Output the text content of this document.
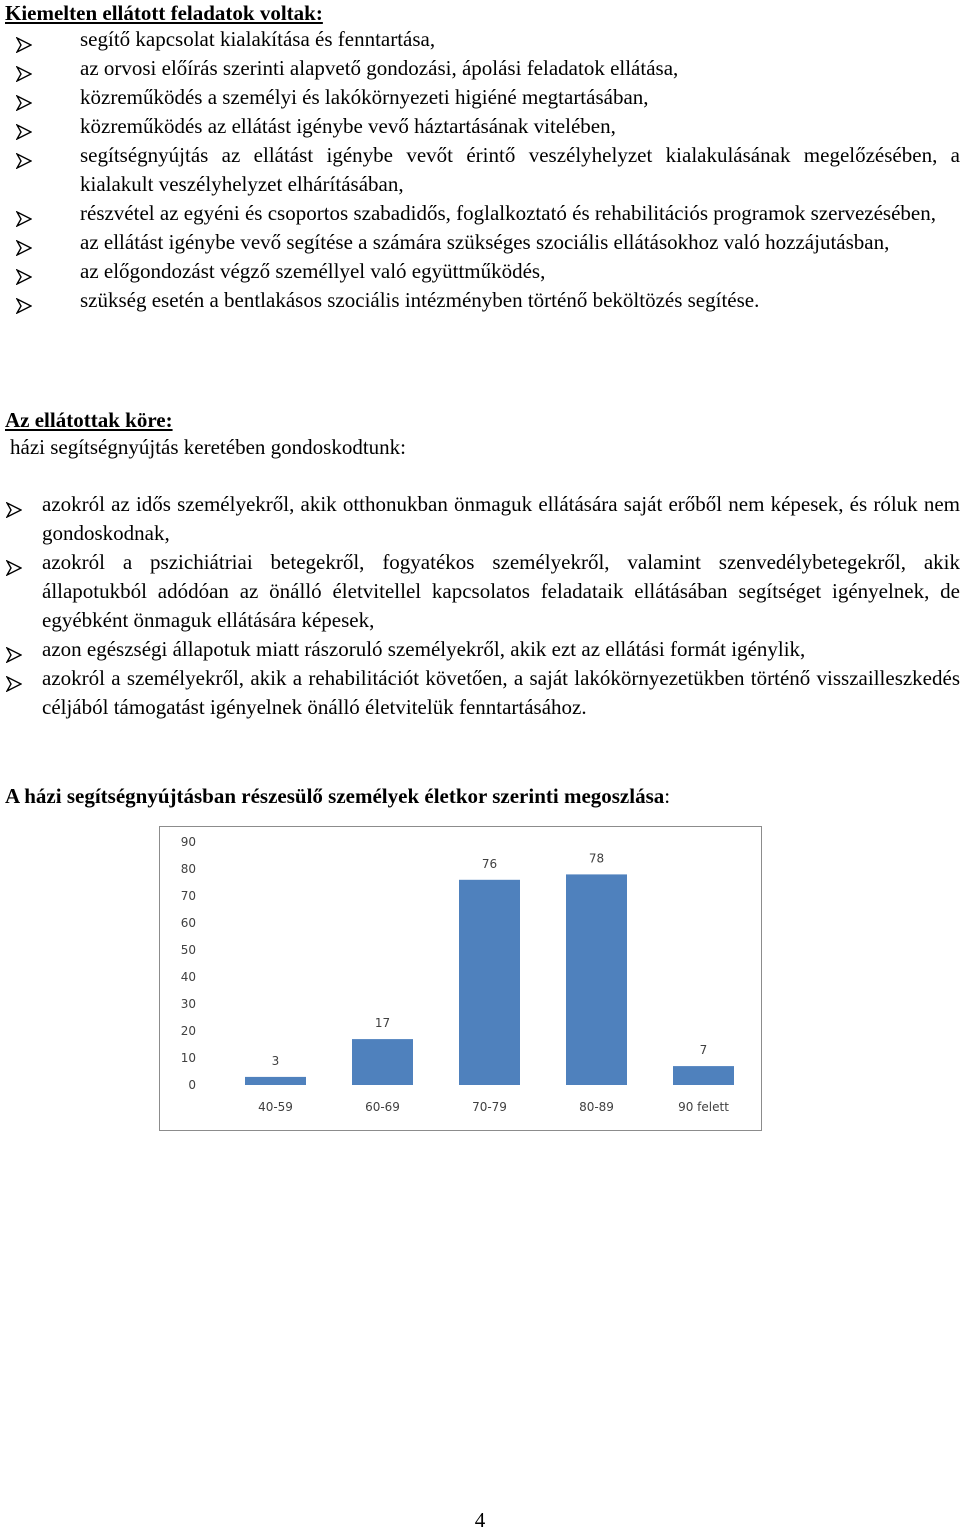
Kiemelten ellátott feladatok voltak:
segítő kapcsolat kialakítása és fenntartása,
az orvosi előírás szerinti alapvető gondozási, ápolási feladatok ellátása,
közreműködés a személyi és lakókörnyezeti higiéné megtartásában,
közreműködés az ellátást igénybe vevő háztartásának vitelében,
segítségnyújtás az ellátást igénybe vevőt érintő veszélyhelyzet kialakulásának megelőzésében, a kialakult veszélyhelyzet elhárításában,
részvétel az egyéni és csoportos szabadidős, foglalkoztató és rehabilitációs programok szervezésében,
az ellátást igénybe vevő segítése a számára szükséges szociális ellátásokhoz való hozzájutásban,
az előgondozást végző személlyel való együttműködés,
szükség esetén a bentlakásos szociális intézményben történő beköltözés segítése.
Az ellátottak köre:
házi segítségnyújtás keretében gondoskodtunk:
azokról az idős személyekről, akik otthonukban önmaguk ellátására saját erőből nem képesek, és róluk nem gondoskodnak,
azokról a pszichiátriai betegekről, fogyatékos személyekről, valamint szenvedélybetegekről, akik állapotukból adódóan az önálló életvitellel kapcsolatos feladataik ellátásában segítséget igényelnek, de egyébként önmaguk ellátására képesek,
azon egészségi állapotuk miatt rászoruló személyekről, akik ezt az ellátási formát igénylik,
azokról a személyekről, akik a rehabilitációt követően, a saját lakókörnyezetükben történő visszailleszkedés céljából támogatást igényelnek önálló életvitelük fenntartásához.
A házi segítségnyújtásban részesülő személyek életkor szerinti megoszlása:
0
10
20
30
40
50
60
70
80
90
3
40-59
17
60-69
76
70-79
78
80-89
7
90 felett
4
